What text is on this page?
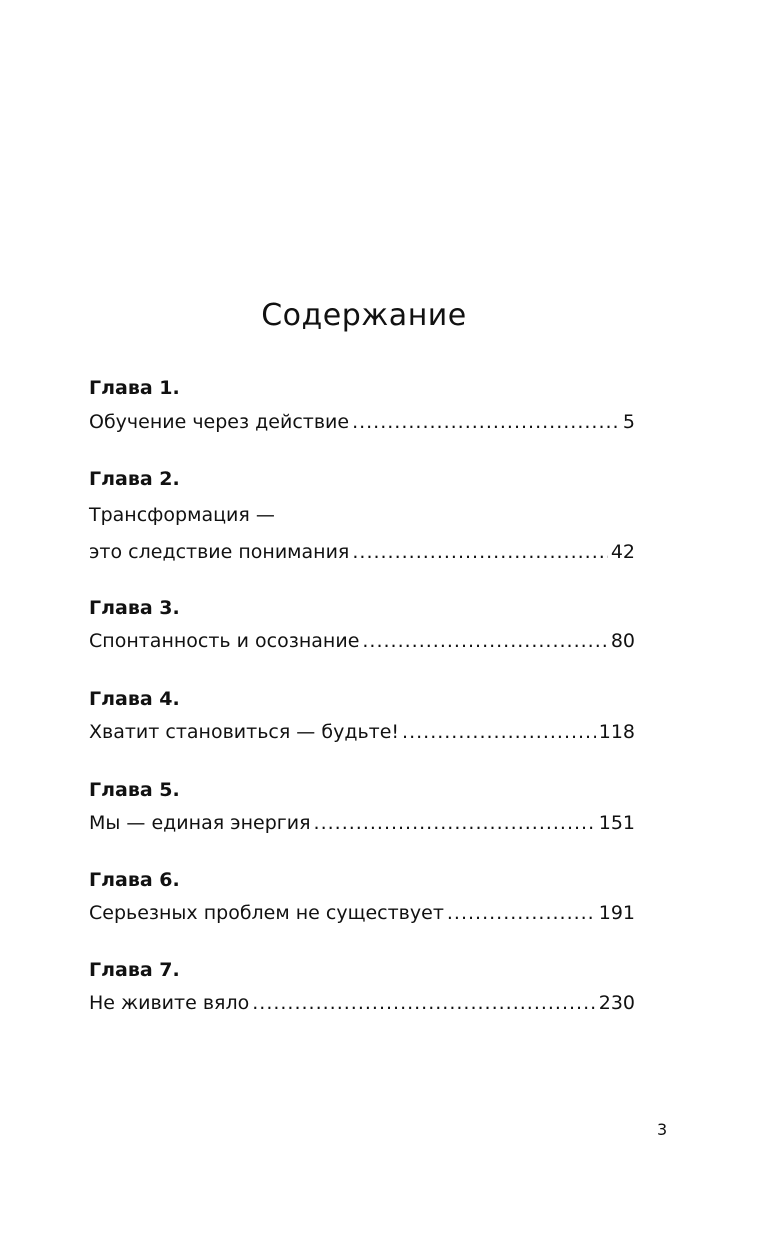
Содержание
Глава 1.
Обучение через действие .....	5
Глава 2.
Трансформация —
это следствие понимания .....	42
Глава 3.
Спонтанность и осознание .....	80
Глава 4.
Хватит становиться — будьте! .....	118
Глава 5.
Мы — единая энергия .....	151
Глава 6.
Серьезных проблем не существует .....	191
Глава 7.
Не живите вяло .....	230
3
